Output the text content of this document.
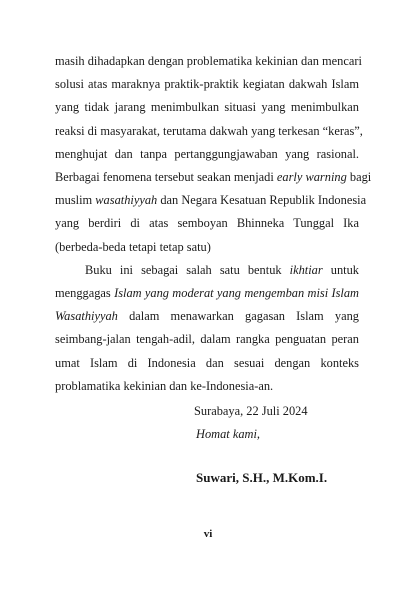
masih dihadapkan dengan problematika kekinian dan mencari
solusi atas maraknya praktik-praktik kegiatan dakwah Islam
yang tidak jarang menimbulkan situasi yang menimbulkan
reaksi di masyarakat, terutama dakwah yang terkesan “keras”,
menghujat dan tanpa pertanggungjawaban yang rasional.
Berbagai fenomena tersebut seakan menjadi early warning bagi
muslim wasathiyyah dan Negara Kesatuan Republik Indonesia
yang berdiri di atas semboyan Bhinneka Tunggal Ika
(berbeda-beda tetapi tetap satu)

Buku ini sebagai salah satu bentuk ikhtiar untuk
menggagas Islam yang moderat yang mengemban misi Islam
Wasathiyyah dalam menawarkan gagasan Islam yang
seimbang-jalan tengah-adil, dalam rangka penguatan peran
umat Islam di Indonesia dan sesuai dengan konteks
problamatika kekinian dan ke-Indonesia-an.

Surabaya, 22 Juli 2024
Homat kami,
Suwari, S.H., M.Kom.I.
vi
